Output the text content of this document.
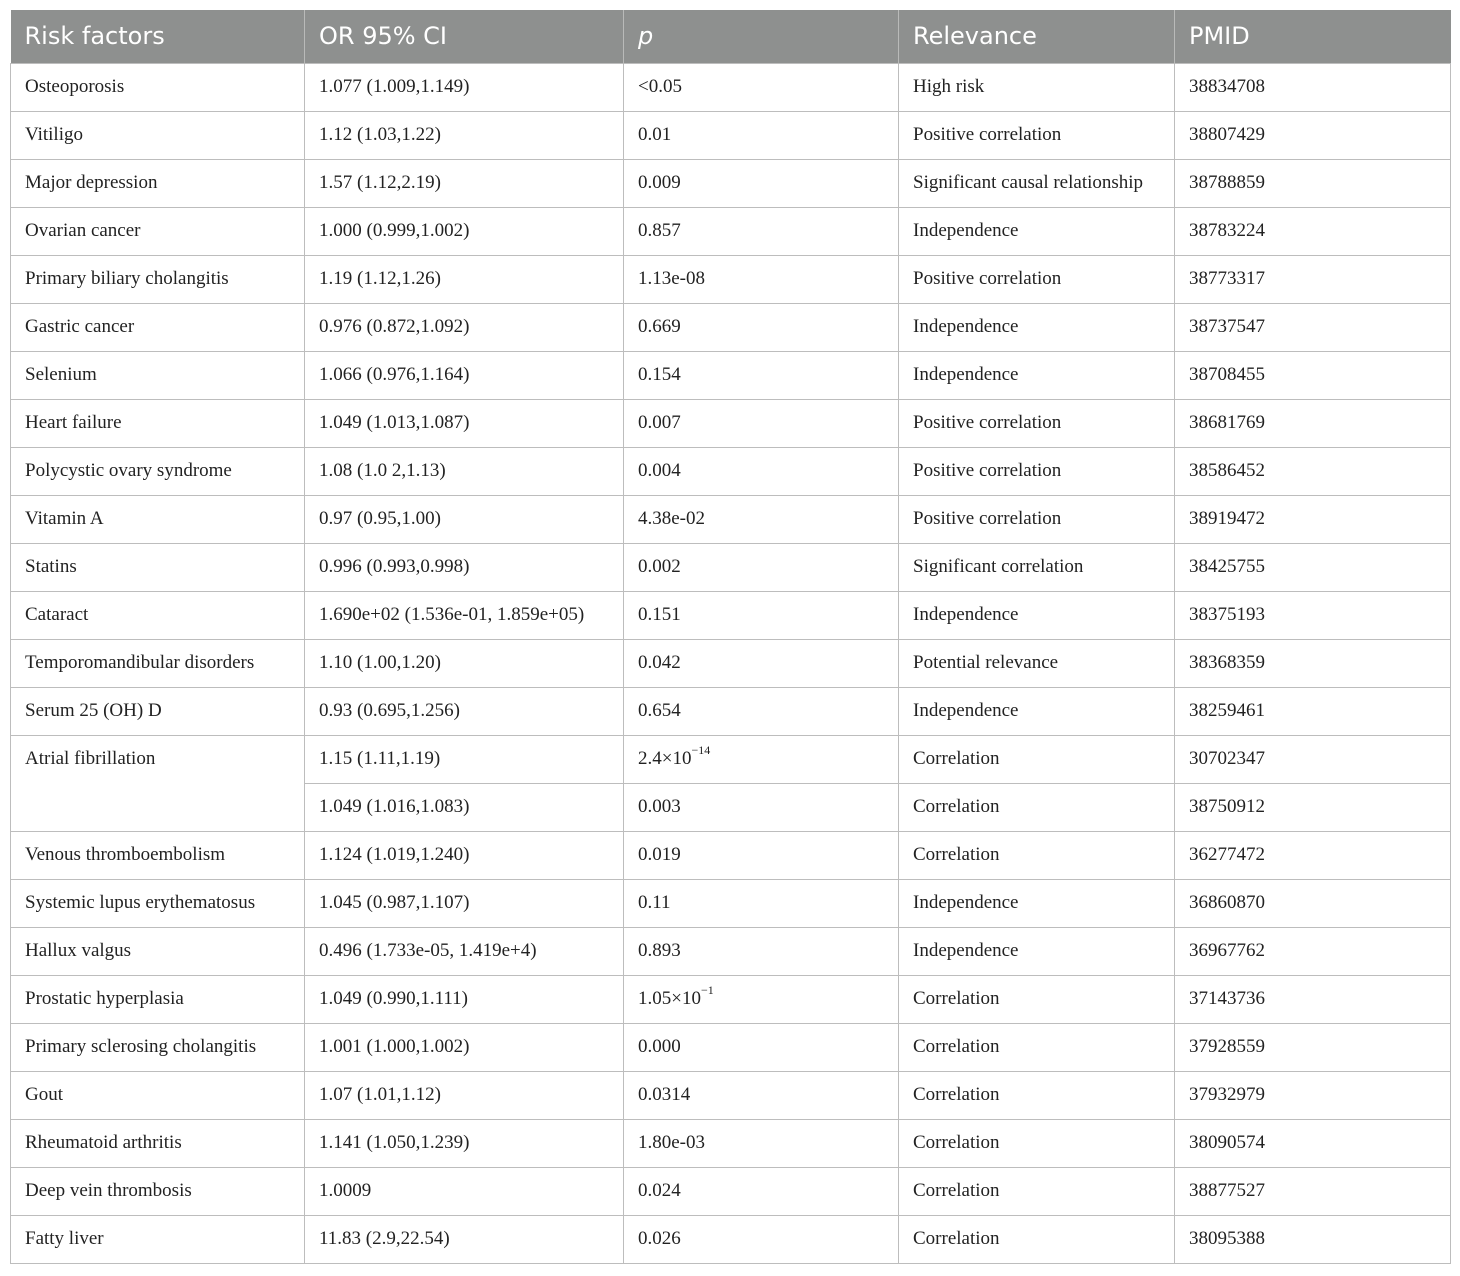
Risk factors	OR 95% CI	p	Relevance	PMID
Osteoporosis	1.077 (1.009,1.149)	<0.05	High risk	38834708
Vitiligo	1.12 (1.03,1.22)	0.01	Positive correlation	38807429
Major depression	1.57 (1.12,2.19)	0.009	Significant causal relationship	38788859
Ovarian cancer	1.000 (0.999,1.002)	0.857	Independence	38783224
Primary biliary cholangitis	1.19 (1.12,1.26)	1.13e-08	Positive correlation	38773317
Gastric cancer	0.976 (0.872,1.092)	0.669	Independence	38737547
Selenium	1.066 (0.976,1.164)	0.154	Independence	38708455
Heart failure	1.049 (1.013,1.087)	0.007	Positive correlation	38681769
Polycystic ovary syndrome	1.08 (1.0 2,1.13)	0.004	Positive correlation	38586452
Vitamin A	0.97 (0.95,1.00)	4.38e-02	Positive correlation	38919472
Statins	0.996 (0.993,0.998)	0.002	Significant correlation	38425755
Cataract	1.690e+02 (1.536e-01, 1.859e+05)	0.151	Independence	38375193
Temporomandibular disorders	1.10 (1.00,1.20)	0.042	Potential relevance	38368359
Serum 25 (OH) D	0.93 (0.695,1.256)	0.654	Independence	38259461
Atrial fibrillation	1.15 (1.11,1.19)	$2.4\times 10^{-14}$	Correlation	30702347
	1.049 (1.016,1.083)	0.003	Correlation	38750912
Venous thromboembolism	1.124 (1.019,1.240)	0.019	Correlation	36277472
Systemic lupus erythematosus	1.045 (0.987,1.107)	0.11	Independence	36860870
Hallux valgus	0.496 (1.733e-05, 1.419e+4)	0.893	Independence	36967762
Prostatic hyperplasia	1.049 (0.990,1.111)	$1.05\times 10^{-1}$	Correlation	37143736
Primary sclerosing cholangitis	1.001 (1.000,1.002)	0.000	Correlation	37928559
Gout	1.07 (1.01,1.12)	0.0314	Correlation	37932979
Rheumatoid arthritis	1.141 (1.050,1.239)	1.80e-03	Correlation	38090574
Deep vein thrombosis	1.0009	0.024	Correlation	38877527
Fatty liver	11.83 (2.9,22.54)	0.026	Correlation	38095388
